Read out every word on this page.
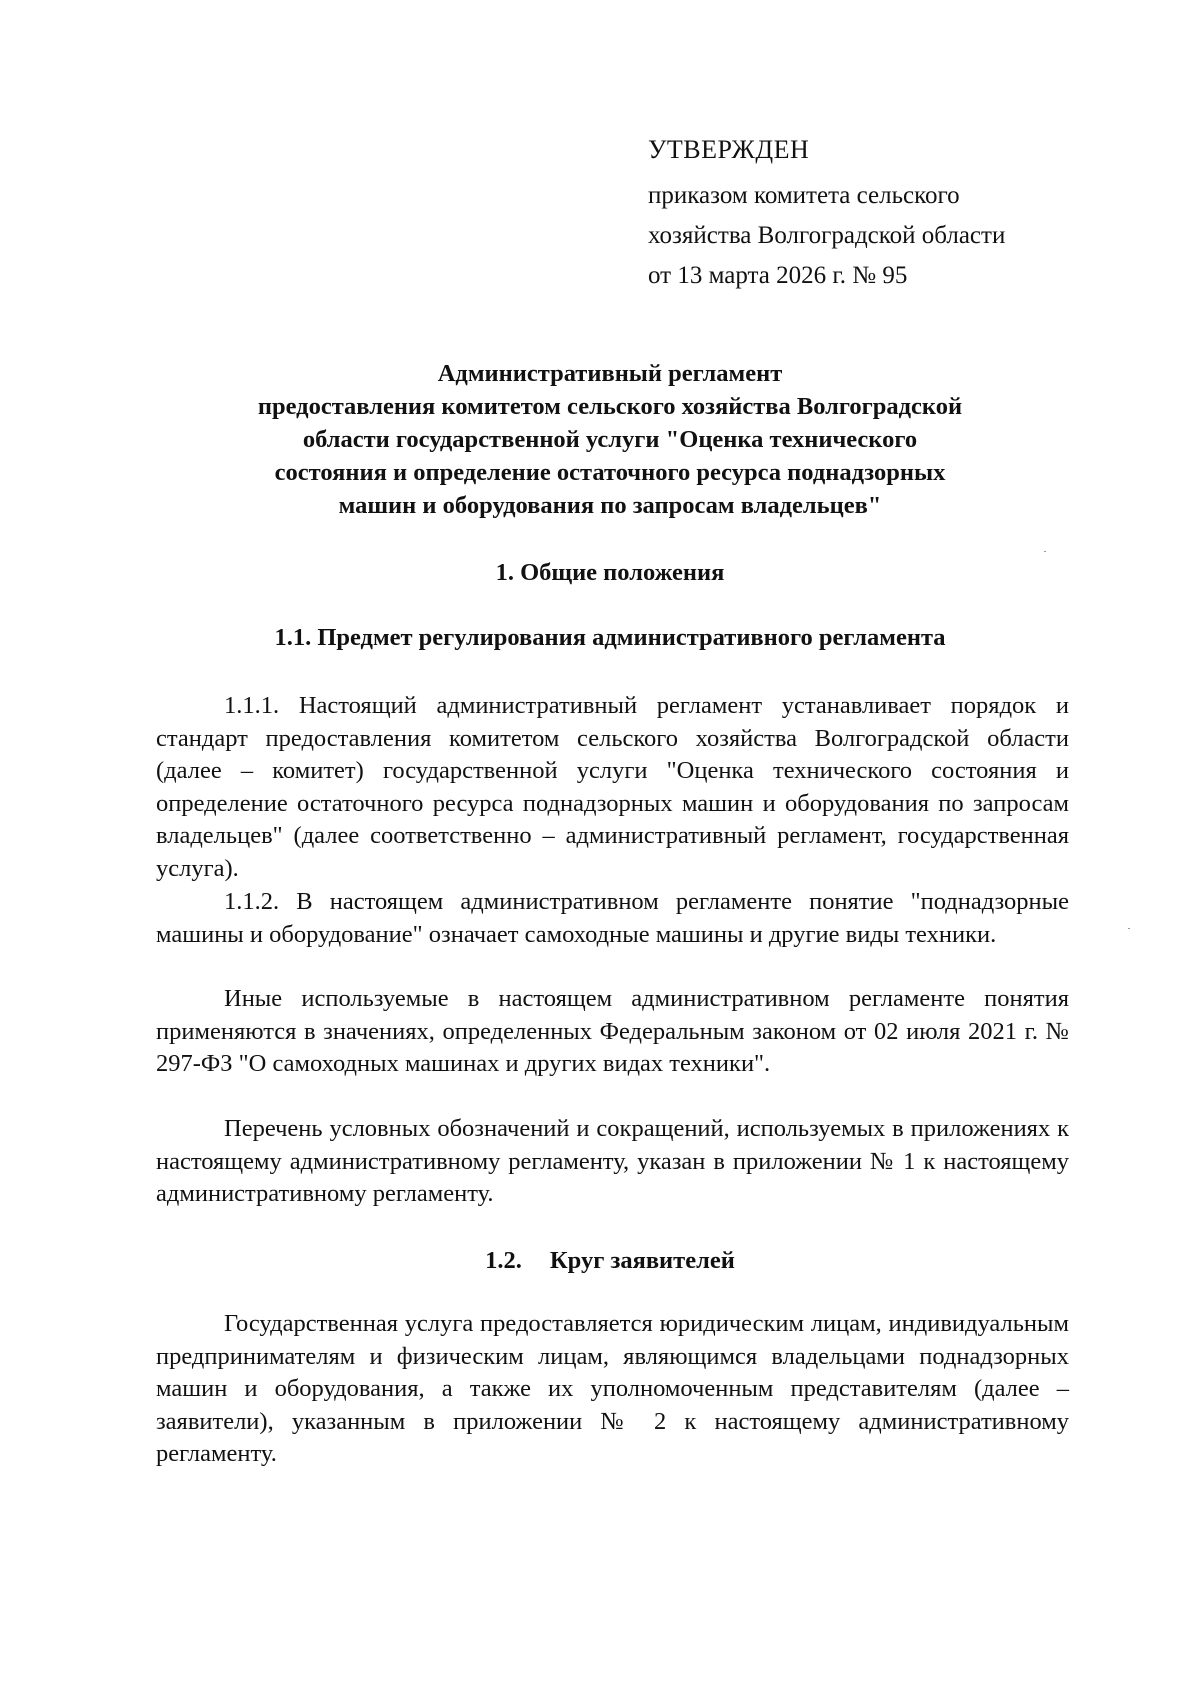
УТВЕРЖДЕН
приказом комитета сельского
хозяйства Волгоградской области
от 13 марта 2026 г. № 95
Административный регламент
предоставления комитетом сельского хозяйства Волгоградской
области государственной услуги "Оценка технического
состояния и определение остаточного ресурса поднадзорных
машин и оборудования по запросам владельцев"
1. Общие положения
1.1. Предмет регулирования административного регламента

1.1.1. Настоящий административный регламент устанавливает порядок и стандарт предоставления комитетом сельского хозяйства Волгоградской области (далее – комитет) государственной услуги "Оценка технического состояния и определение остаточного ресурса поднадзорных машин и оборудования по запросам владельцев" (далее соответственно – административный регламент, государственная услуга).

1.1.2. В настоящем административном регламенте понятие "поднадзорные машины и оборудование" означает самоходные машины и другие виды техники.

Иные используемые в настоящем административном регламенте понятия применяются в значениях, определенных Федеральным законом от 02 июля 2021 г. № 297-ФЗ "О самоходных машинах и других видах техники".

Перечень условных обозначений и сокращений, используемых в приложениях к настоящему административному регламенту, указан в приложении № 1 к настоящему административному регламенту.

1.2. Круг заявителей

Государственная услуга предоставляется юридическим лицам, индивидуальным предпринимателям и физическим лицам, являющимся владельцами поднадзорных машин и оборудования, а также их уполномоченным представителям (далее – заявители), указанным в приложении № 2 к настоящему административному регламенту.
